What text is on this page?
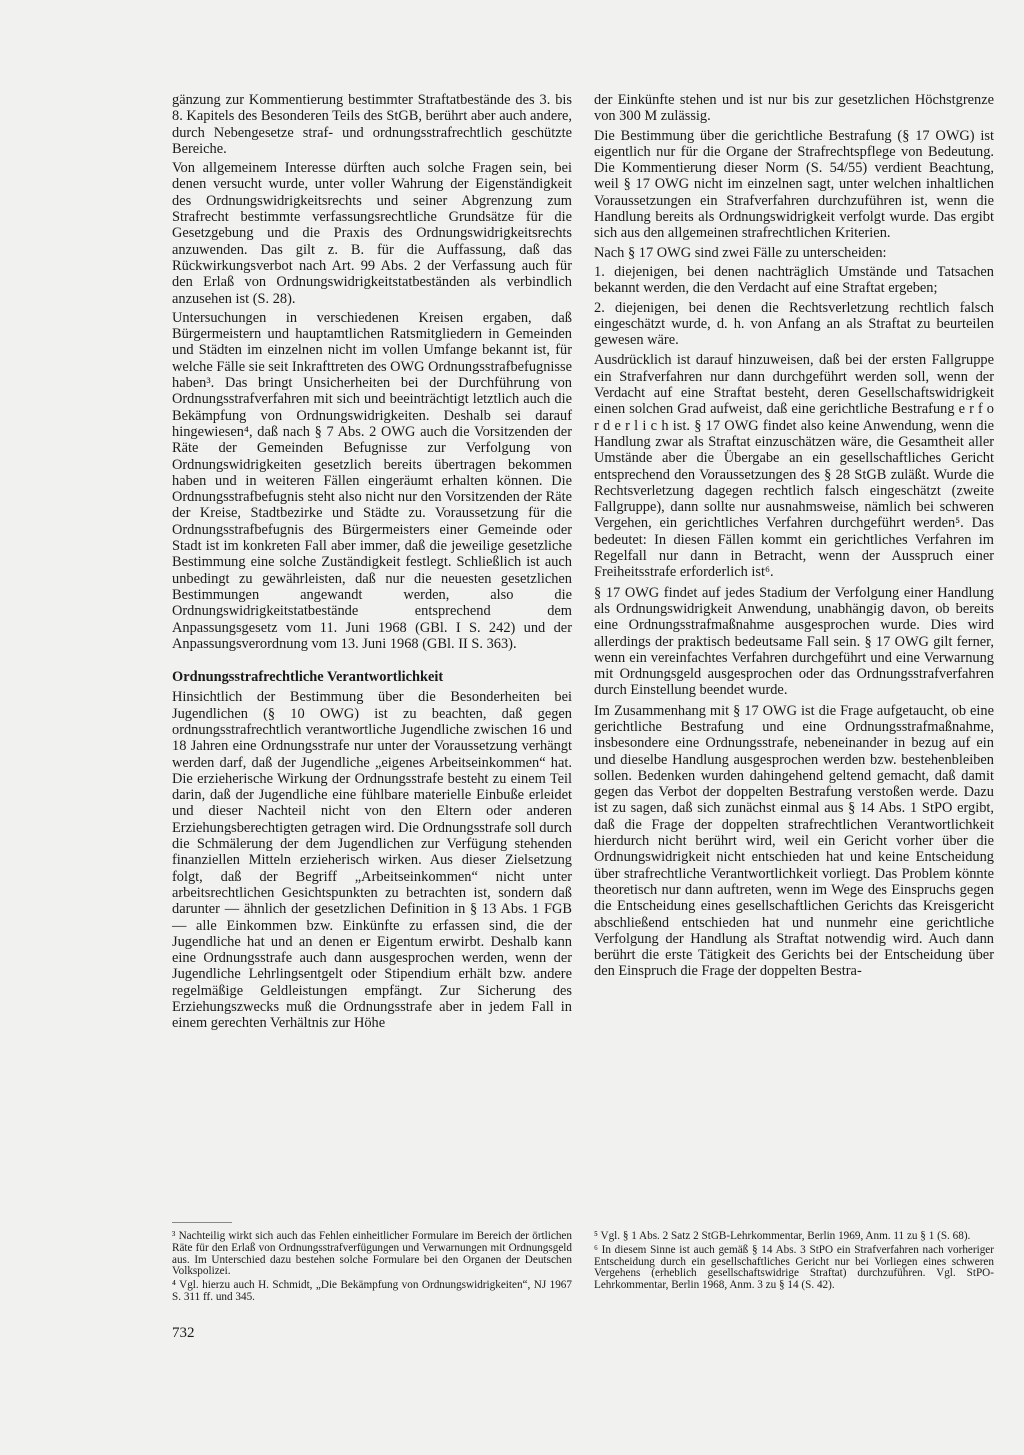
gänzung zur Kommentierung bestimmter Straftatbestände des 3. bis 8. Kapitels des Besonderen Teils des StGB, berührt aber auch andere, durch Nebengesetze straf- und ordnungsstrafrechtlich geschützte Bereiche.

Von allgemeinem Interesse dürften auch solche Fragen sein, bei denen versucht wurde, unter voller Wahrung der Eigenständigkeit des Ordnungswidrigkeitsrechts und seiner Abgrenzung zum Strafrecht bestimmte verfassungsrechtliche Grundsätze für die Gesetzgebung und die Praxis des Ordnungswidrigkeitsrechts anzuwenden. Das gilt z. B. für die Auffassung, daß das Rückwirkungsverbot nach Art. 99 Abs. 2 der Verfassung auch für den Erlaß von Ordnungswidrigkeitstatbeständen als verbindlich anzusehen ist (S. 28).

Untersuchungen in verschiedenen Kreisen ergaben, daß Bürgermeistern und hauptamtlichen Ratsmitgliedern in Gemeinden und Städten im einzelnen nicht im vollen Umfange bekannt ist, für welche Fälle sie seit Inkrafttreten des OWG Ordnungsstrafbefugnisse haben³. Das bringt Unsicherheiten bei der Durchführung von Ordnungsstrafverfahren mit sich und beeinträchtigt letztlich auch die Bekämpfung von Ordnungswidrigkeiten. Deshalb sei darauf hingewiesen⁴, daß nach § 7 Abs. 2 OWG auch die Vorsitzenden der Räte der Gemeinden Befugnisse zur Verfolgung von Ordnungswidrigkeiten gesetzlich bereits übertragen bekommen haben und in weiteren Fällen eingeräumt erhalten können. Die Ordnungsstrafbefugnis steht also nicht nur den Vorsitzenden der Räte der Kreise, Stadtbezirke und Städte zu. Voraussetzung für die Ordnungsstrafbefugnis des Bürgermeisters einer Gemeinde oder Stadt ist im konkreten Fall aber immer, daß die jeweilige gesetzliche Bestimmung eine solche Zuständigkeit festlegt. Schließlich ist auch unbedingt zu gewährleisten, daß nur die neuesten gesetzlichen Bestimmungen angewandt werden, also die Ordnungswidrigkeitstatbestände entsprechend dem Anpassungsgesetz vom 11. Juni 1968 (GBl. I S. 242) und der Anpassungsverordnung vom 13. Juni 1968 (GBl. II S. 363).

Ordnungsstrafrechtliche Verantwortlichkeit

Hinsichtlich der Bestimmung über die Besonderheiten bei Jugendlichen (§ 10 OWG) ist zu beachten, daß gegen ordnungsstrafrechtlich verantwortliche Jugendliche zwischen 16 und 18 Jahren eine Ordnungsstrafe nur unter der Voraussetzung verhängt werden darf, daß der Jugendliche „eigenes Arbeitseinkommen“ hat. Die erzieherische Wirkung der Ordnungsstrafe besteht zu einem Teil darin, daß der Jugendliche eine fühlbare materielle Einbuße erleidet und dieser Nachteil nicht von den Eltern oder anderen Erziehungsberechtigten getragen wird. Die Ordnungsstrafe soll durch die Schmälerung der dem Jugendlichen zur Verfügung stehenden finanziellen Mitteln erzieherisch wirken. Aus dieser Zielsetzung folgt, daß der Begriff „Arbeitseinkommen“ nicht unter arbeitsrechtlichen Gesichtspunkten zu betrachten ist, sondern daß darunter — ähnlich der gesetzlichen Definition in § 13 Abs. 1 FGB — alle Einkommen bzw. Einkünfte zu erfassen sind, die der Jugendliche hat und an denen er Eigentum erwirbt. Deshalb kann eine Ordnungsstrafe auch dann ausgesprochen werden, wenn der Jugendliche Lehrlingsentgelt oder Stipendium erhält bzw. andere regelmäßige Geldleistungen empfängt. Zur Sicherung des Erziehungszwecks muß die Ordnungsstrafe aber in jedem Fall in einem gerechten Verhältnis zur Höhe

der Einkünfte stehen und ist nur bis zur gesetzlichen Höchstgrenze von 300 M zulässig.

Die Bestimmung über die gerichtliche Bestrafung (§ 17 OWG) ist eigentlich nur für die Organe der Strafrechtspflege von Bedeutung. Die Kommentierung dieser Norm (S. 54/55) verdient Beachtung, weil § 17 OWG nicht im einzelnen sagt, unter welchen inhaltlichen Voraussetzungen ein Strafverfahren durchzuführen ist, wenn die Handlung bereits als Ordnungswidrigkeit verfolgt wurde. Das ergibt sich aus den allgemeinen strafrechtlichen Kriterien.

Nach § 17 OWG sind zwei Fälle zu unterscheiden:

1. diejenigen, bei denen nachträglich Umstände und Tatsachen bekannt werden, die den Verdacht auf eine Straftat ergeben;

2. diejenigen, bei denen die Rechtsverletzung rechtlich falsch eingeschätzt wurde, d. h. von Anfang an als Straftat zu beurteilen gewesen wäre.

Ausdrücklich ist darauf hinzuweisen, daß bei der ersten Fallgruppe ein Strafverfahren nur dann durchgeführt werden soll, wenn der Verdacht auf eine Straftat besteht, deren Gesellschaftswidrigkeit einen solchen Grad aufweist, daß eine gerichtliche Bestrafung e r f o r d e r l i c h ist. § 17 OWG findet also keine Anwendung, wenn die Handlung zwar als Straftat einzuschätzen wäre, die Gesamtheit aller Umstände aber die Übergabe an ein gesellschaftliches Gericht entsprechend den Voraussetzungen des § 28 StGB zuläßt. Wurde die Rechtsverletzung dagegen rechtlich falsch eingeschätzt (zweite Fallgruppe), dann sollte nur ausnahmsweise, nämlich bei schweren Vergehen, ein gerichtliches Verfahren durchgeführt werden⁵. Das bedeutet: In diesen Fällen kommt ein gerichtliches Verfahren im Regelfall nur dann in Betracht, wenn der Ausspruch einer Freiheitsstrafe erforderlich ist⁶.

§ 17 OWG findet auf jedes Stadium der Verfolgung einer Handlung als Ordnungswidrigkeit Anwendung, unabhängig davon, ob bereits eine Ordnungsstrafmaßnahme ausgesprochen wurde. Dies wird allerdings der praktisch bedeutsame Fall sein. § 17 OWG gilt ferner, wenn ein vereinfachtes Verfahren durchgeführt und eine Verwarnung mit Ordnungsgeld ausgesprochen oder das Ordnungsstrafverfahren durch Einstellung beendet wurde.

Im Zusammenhang mit § 17 OWG ist die Frage aufgetaucht, ob eine gerichtliche Bestrafung und eine Ordnungsstrafmaßnahme, insbesondere eine Ordnungsstrafe, nebeneinander in bezug auf ein und dieselbe Handlung ausgesprochen werden bzw. bestehenbleiben sollen. Bedenken wurden dahingehend geltend gemacht, daß damit gegen das Verbot der doppelten Bestrafung verstoßen werde. Dazu ist zu sagen, daß sich zunächst einmal aus § 14 Abs. 1 StPO ergibt, daß die Frage der doppelten strafrechtlichen Verantwortlichkeit hierdurch nicht berührt wird, weil ein Gericht vorher über die Ordnungswidrigkeit nicht entschieden hat und keine Entscheidung über strafrechtliche Verantwortlichkeit vorliegt. Das Problem könnte theoretisch nur dann auftreten, wenn im Wege des Einspruchs gegen die Entscheidung eines gesellschaftlichen Gerichts das Kreisgericht abschließend entschieden hat und nunmehr eine gerichtliche Verfolgung der Handlung als Straftat notwendig wird. Auch dann berührt die erste Tätigkeit des Gerichts bei der Entscheidung über den Einspruch die Frage der doppelten Bestra-

³ Nachteilig wirkt sich auch das Fehlen einheitlicher Formulare im Bereich der örtlichen Räte für den Erlaß von Ordnungsstrafverfügungen und Verwarnungen mit Ordnungsgeld aus. Im Unterschied dazu bestehen solche Formulare bei den Organen der Deutschen Volkspolizei.

⁴ Vgl. hierzu auch H. Schmidt, „Die Bekämpfung von Ordnungswidrigkeiten“, NJ 1967 S. 311 ff. und 345.

⁵ Vgl. § 1 Abs. 2 Satz 2 StGB-Lehrkommentar, Berlin 1969, Anm. 11 zu § 1 (S. 68).

⁶ In diesem Sinne ist auch gemäß § 14 Abs. 3 StPO ein Strafverfahren nach vorheriger Entscheidung durch ein gesellschaftliches Gericht nur bei Vorliegen eines schweren Vergehens (erheblich gesellschaftswidrige Straftat) durchzuführen. Vgl. StPO-Lehrkommentar, Berlin 1968, Anm. 3 zu § 14 (S. 42).

732
